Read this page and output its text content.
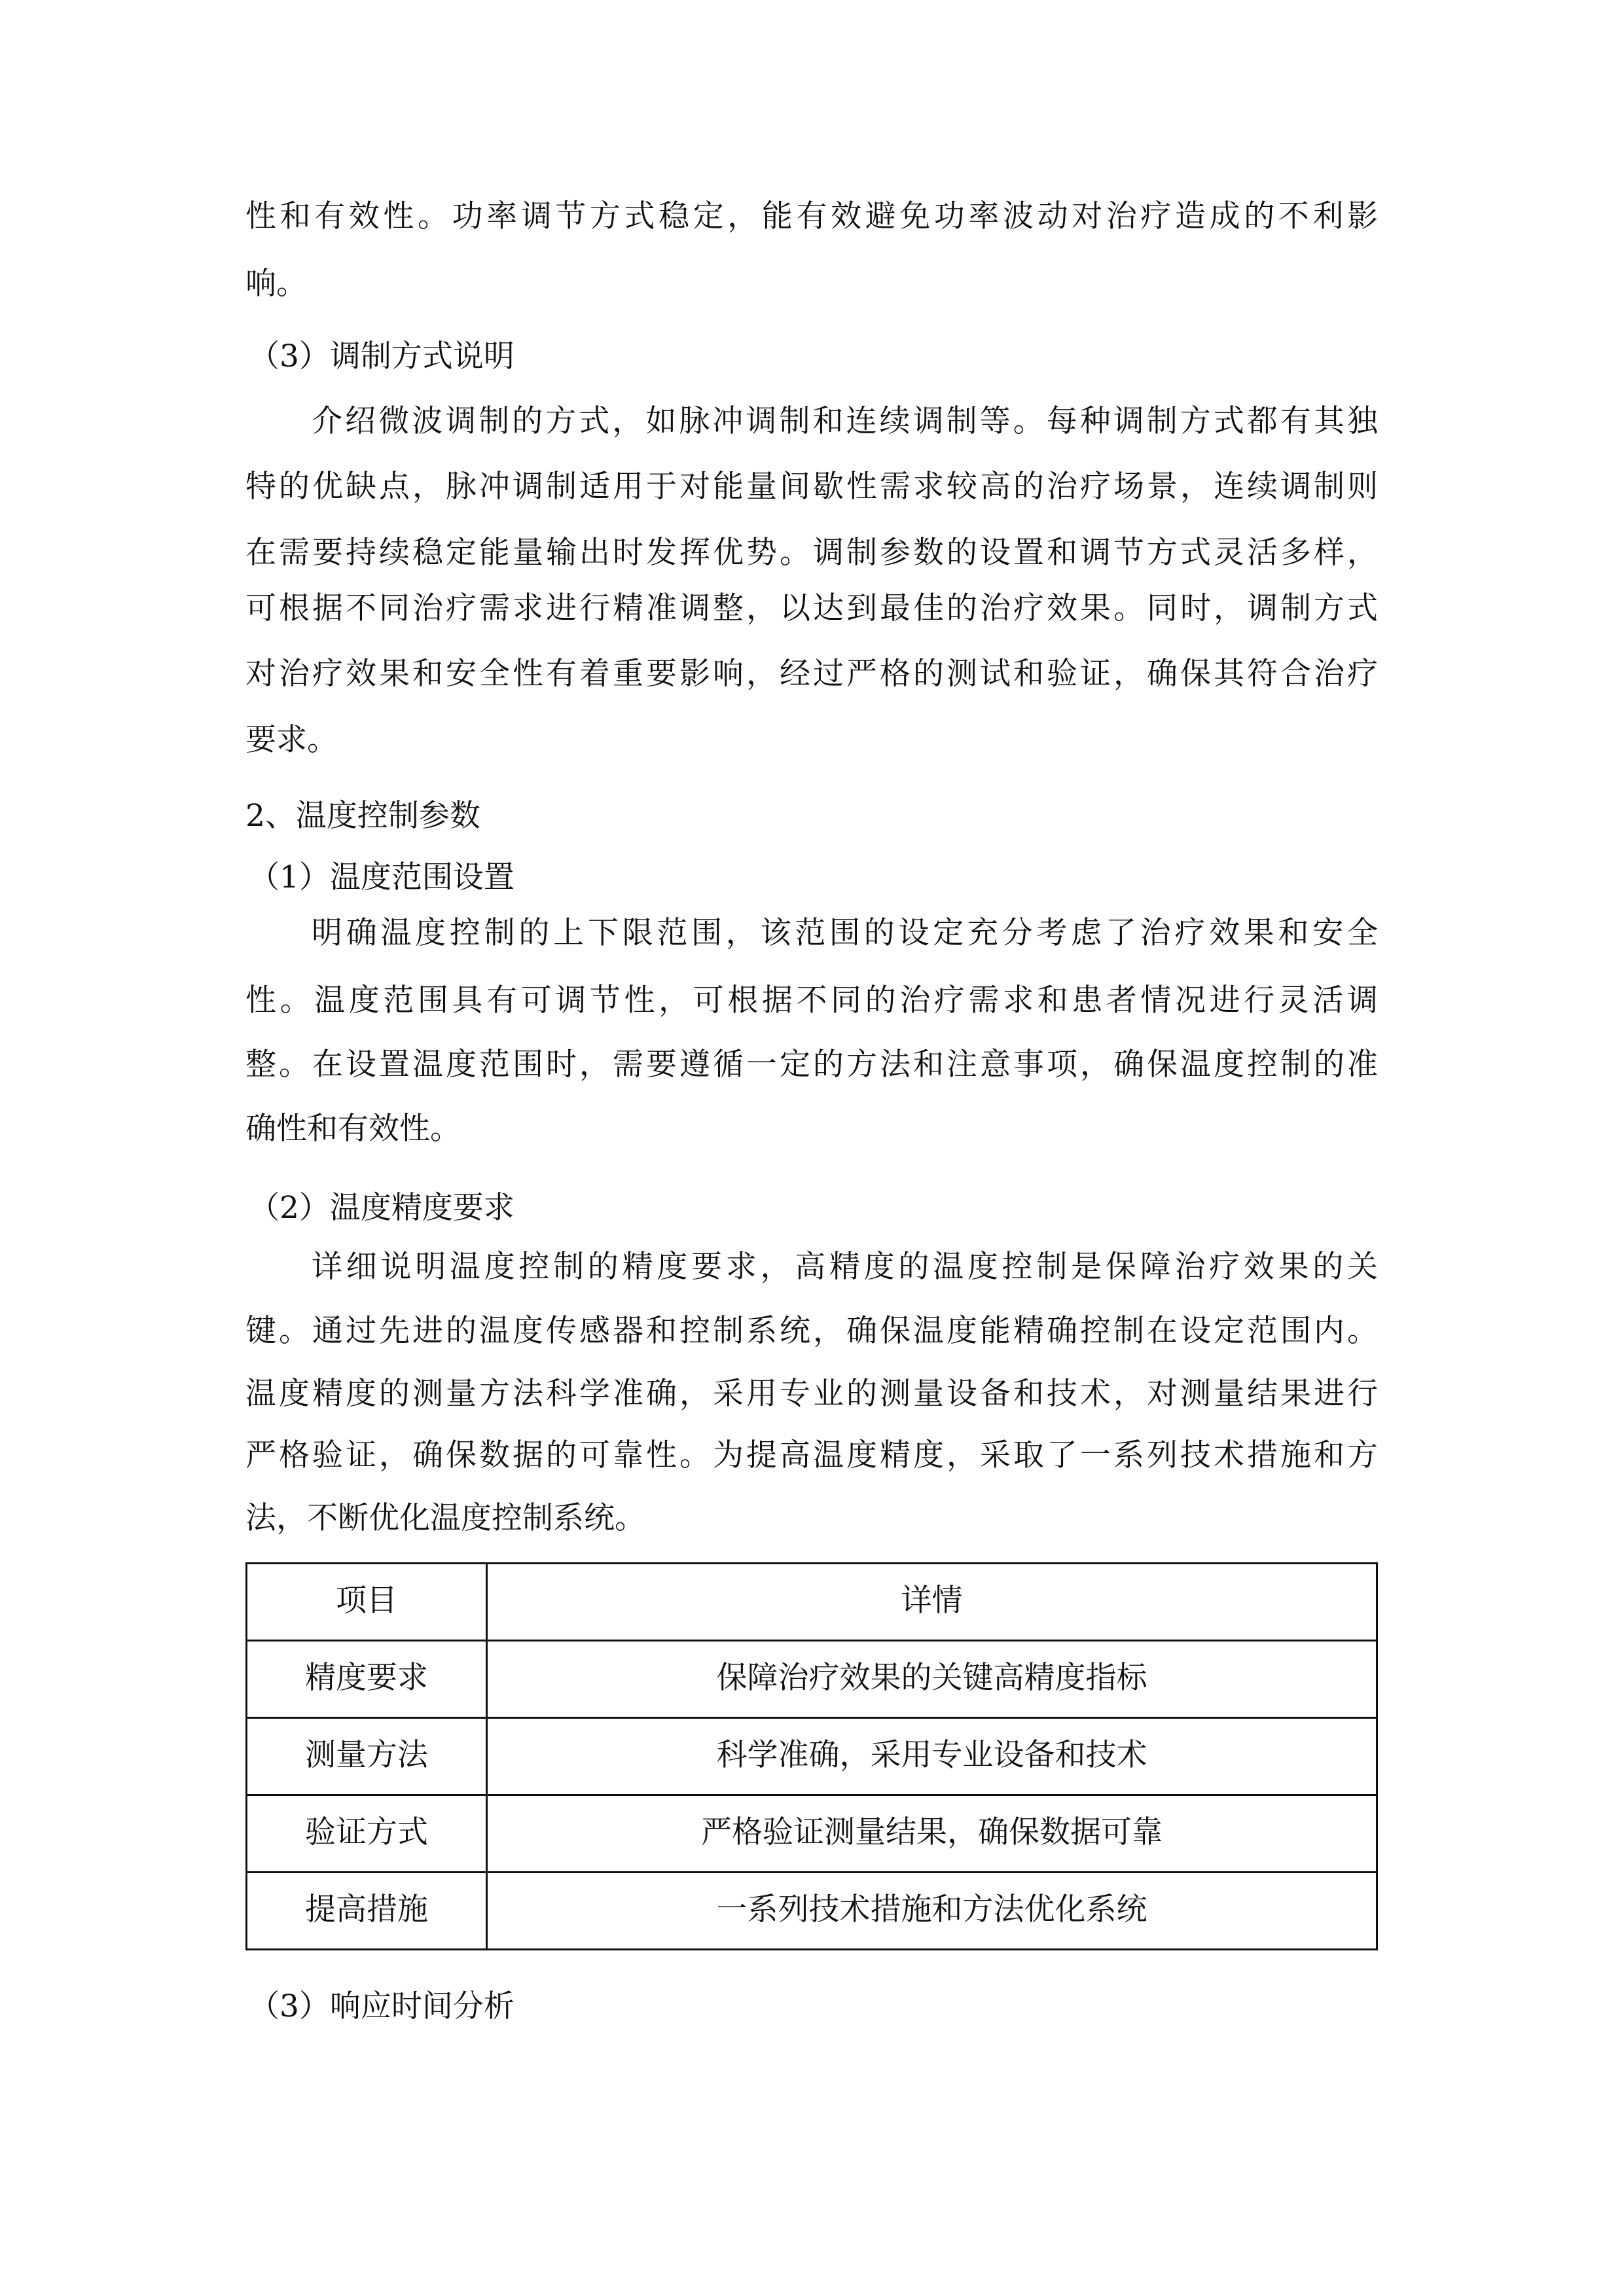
性和有效性。功率调节方式稳定，能有效避免功率波动对治疗造成的不利影
响。
（3）调制方式说明
介绍微波调制的方式，如脉冲调制和连续调制等。每种调制方式都有其独
特的优缺点，脉冲调制适用于对能量间歇性需求较高的治疗场景，连续调制则
在需要持续稳定能量输出时发挥优势。调制参数的设置和调节方式灵活多样，
可根据不同治疗需求进行精准调整，以达到最佳的治疗效果。同时，调制方式
对治疗效果和安全性有着重要影响，经过严格的测试和验证，确保其符合治疗
要求。
2、温度控制参数
（1）温度范围设置
明确温度控制的上下限范围，该范围的设定充分考虑了治疗效果和安全
性。温度范围具有可调节性，可根据不同的治疗需求和患者情况进行灵活调
整。在设置温度范围时，需要遵循一定的方法和注意事项，确保温度控制的准
确性和有效性。
（2）温度精度要求
详细说明温度控制的精度要求，高精度的温度控制是保障治疗效果的关
键。通过先进的温度传感器和控制系统，确保温度能精确控制在设定范围内。
温度精度的测量方法科学准确，采用专业的测量设备和技术，对测量结果进行
严格验证，确保数据的可靠性。为提高温度精度，采取了一系列技术措施和方
法，不断优化温度控制系统。
项目	详情
精度要求	保障治疗效果的关键高精度指标
测量方法	科学准确，采用专业设备和技术
验证方式	严格验证测量结果，确保数据可靠
提高措施	一系列技术措施和方法优化系统
（3）响应时间分析
